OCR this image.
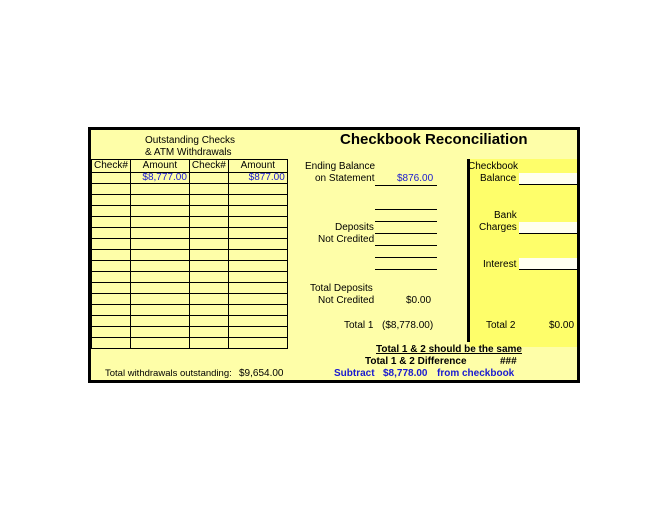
Outstanding Checks
& ATM Withdrawals
Checkbook Reconciliation
Check#	Amount	Check#	Amount
	$8,777.00		$877.00

Total withdrawals outstanding: $9,654.00
Ending Balance
on Statement $876.00
Deposits
Not Credited
Total Deposits
Not Credited	$0.00
Total 1 ($8,778.00)
Checkbook
Balance
Bank
Charges
Interest
Total 2	$0.00
Total 1 & 2 should be the same
Total 1 & 2 Difference	###
Subtract $8,778.00 from checkbook
